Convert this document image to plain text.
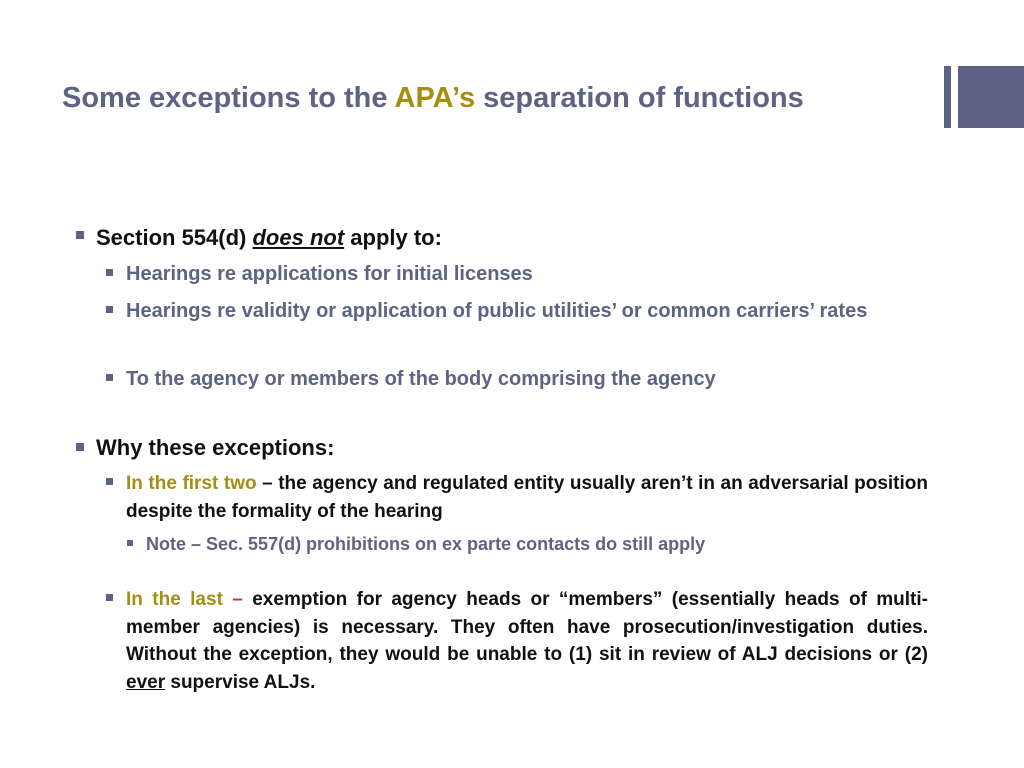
Some exceptions to the APA’s separation of functions
Section 554(d) does not apply to:
Hearings re applications for initial licenses
Hearings re validity or application of public utilities’ or common carriers’ rates
To the agency or members of the body comprising the agency
Why these exceptions:
In the first two – the agency and regulated entity usually aren’t in an adversarial position despite the formality of the hearing
Note – Sec. 557(d) prohibitions on ex parte contacts do still apply
In the last – exemption for agency heads or “members” (essentially heads of multi-member agencies) is necessary. They often have prosecution/investigation duties. Without the exception, they would be unable to (1) sit in review of ALJ decisions or (2) ever supervise ALJs.
